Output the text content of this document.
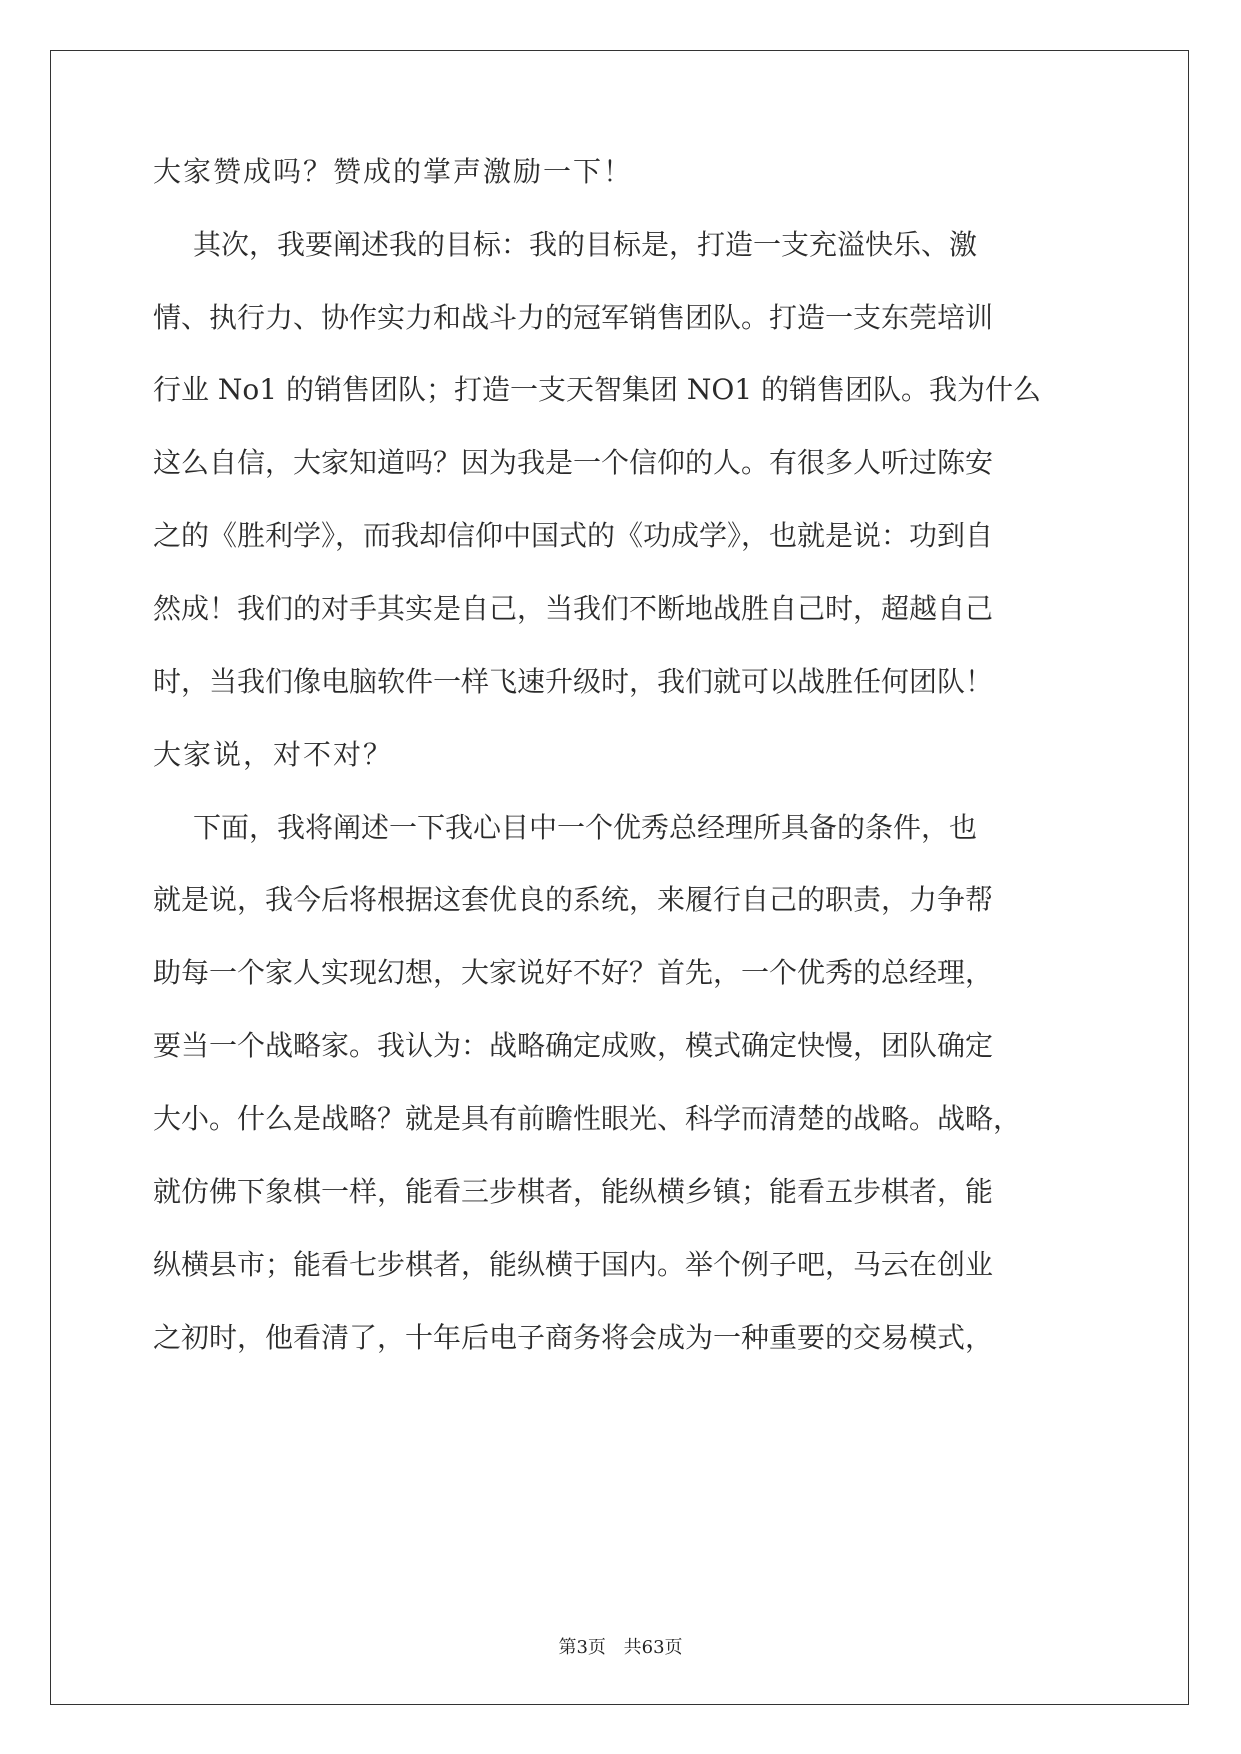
大家赞成吗？赞成的掌声激励一下！
其次，我要阐述我的目标：我的目标是，打造一支充溢快乐、激
情、执行力、协作实力和战斗力的冠军销售团队。打造一支东莞培训
行业 No1 的销售团队；打造一支天智集团 NO1 的销售团队。我为什么
这么自信，大家知道吗？因为我是一个信仰的人。有很多人听过陈安
之的《胜利学》，而我却信仰中国式的《功成学》，也就是说：功到自
然成！我们的对手其实是自己，当我们不断地战胜自己时，超越自己
时，当我们像电脑软件一样飞速升级时，我们就可以战胜任何团队！
大家说，对不对？
下面，我将阐述一下我心目中一个优秀总经理所具备的条件，也
就是说，我今后将根据这套优良的系统，来履行自己的职责，力争帮
助每一个家人实现幻想，大家说好不好？首先，一个优秀的总经理，
要当一个战略家。我认为：战略确定成败，模式确定快慢，团队确定
大小。什么是战略？就是具有前瞻性眼光、科学而清楚的战略。战略，
就仿佛下象棋一样，能看三步棋者，能纵横乡镇；能看五步棋者，能
纵横县市；能看七步棋者，能纵横于国内。举个例子吧，马云在创业
之初时，他看清了，十年后电子商务将会成为一种重要的交易模式，
第3页 共63页
